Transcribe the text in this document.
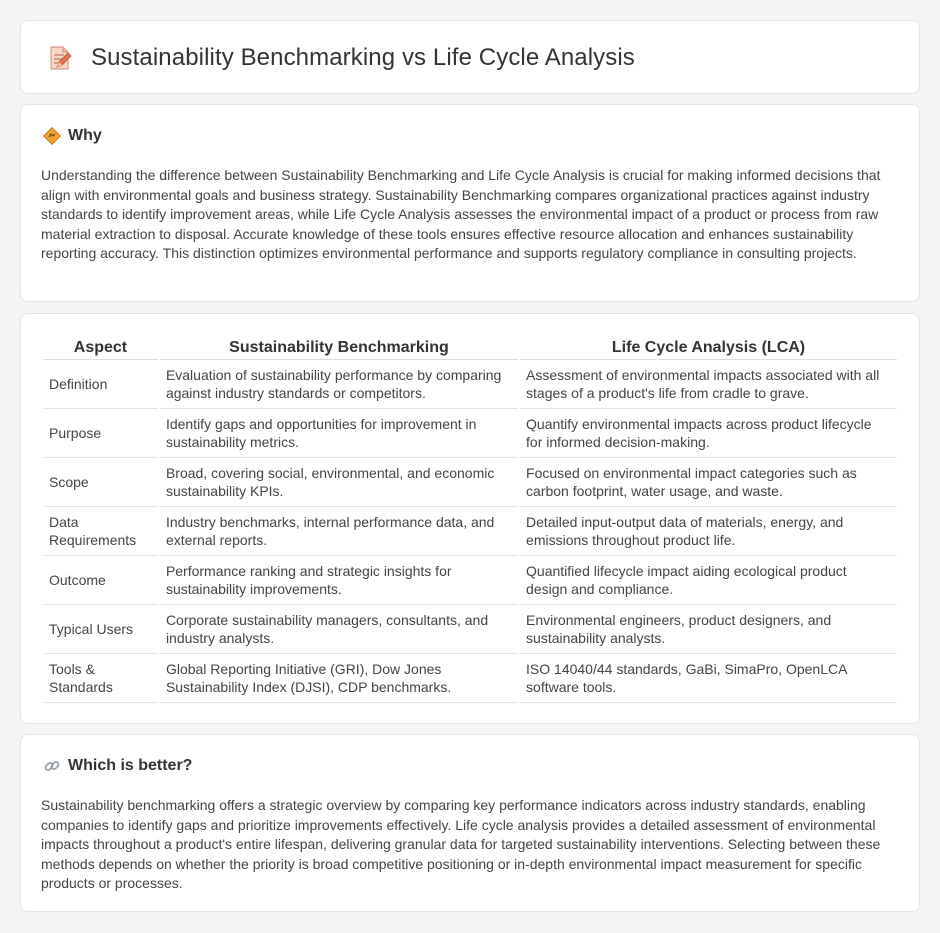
Sustainability Benchmarking vs Life Cycle Analysis
Why

Understanding the difference between Sustainability Benchmarking and Life Cycle Analysis is crucial for making informed decisions that align with environmental goals and business strategy. Sustainability Benchmarking compares organizational practices against industry standards to identify improvement areas, while Life Cycle Analysis assesses the environmental impact of a product or process from raw material extraction to disposal. Accurate knowledge of these tools ensures effective resource allocation and enhances sustainability reporting accuracy. This distinction optimizes environmental performance and supports regulatory compliance in consulting projects.

Aspect	Sustainability Benchmarking	Life Cycle Analysis (LCA)
Definition	Evaluation of sustainability performance by comparing against industry standards or competitors.	Assessment of environmental impacts associated with all stages of a product's life from cradle to grave.
Purpose	Identify gaps and opportunities for improvement in sustainability metrics.	Quantify environmental impacts across product lifecycle for informed decision-making.
Scope	Broad, covering social, environmental, and economic sustainability KPIs.	Focused on environmental impact categories such as carbon footprint, water usage, and waste.
Data Requirements	Industry benchmarks, internal performance data, and external reports.	Detailed input-output data of materials, energy, and emissions throughout product life.
Outcome	Performance ranking and strategic insights for sustainability improvements.	Quantified lifecycle impact aiding ecological product design and compliance.
Typical Users	Corporate sustainability managers, consultants, and industry analysts.	Environmental engineers, product designers, and sustainability analysts.
Tools & Standards	Global Reporting Initiative (GRI), Dow Jones Sustainability Index (DJSI), CDP benchmarks.	ISO 14040/44 standards, GaBi, SimaPro, OpenLCA software tools.
Which is better?

Sustainability benchmarking offers a strategic overview by comparing key performance indicators across industry standards, enabling companies to identify gaps and prioritize improvements effectively. Life cycle analysis provides a detailed assessment of environmental impacts throughout a product's entire lifespan, delivering granular data for targeted sustainability interventions. Selecting between these methods depends on whether the priority is broad competitive positioning or in-depth environmental impact measurement for specific products or processes.
